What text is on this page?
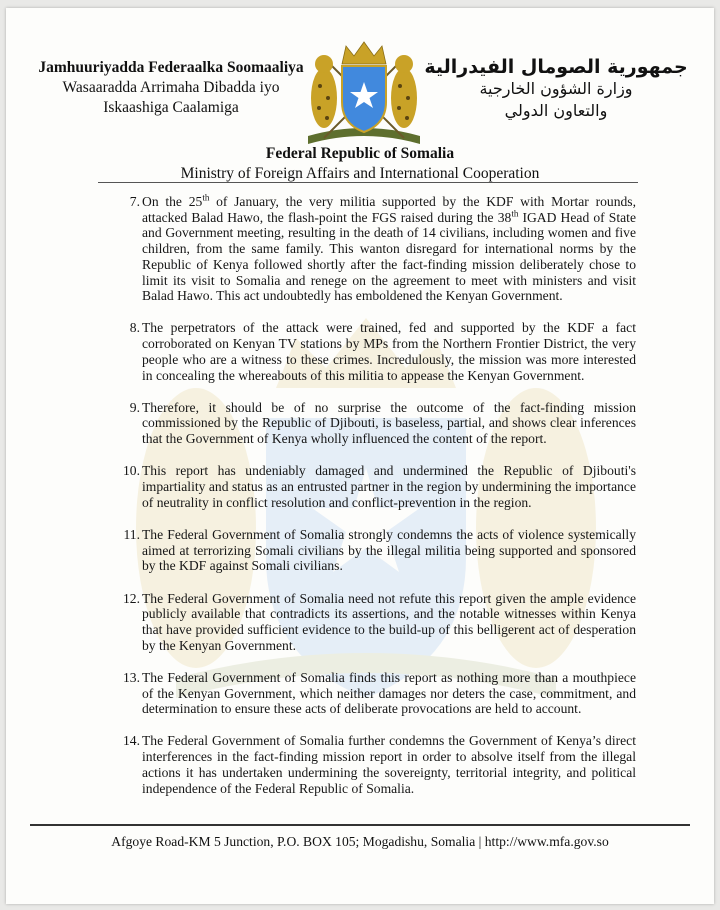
Jamhuuriyadda Federaalka Soomaaliya
Wasaaradda Arrimaha Dibadda iyo
Iskaashiga Caalamiga
جمهورية الصومال الفيدرالية
وزارة الشؤون الخارجية
والتعاون الدولي
Federal Republic of Somalia
Ministry of Foreign Affairs and International Cooperation
7. On the 25th of January, the very militia supported by the KDF with Mortar rounds, attacked Balad Hawo, the flash-point the FGS raised during the 38th IGAD Head of State and Government meeting, resulting in the death of 14 civilians, including women and five children, from the same family. This wanton disregard for international norms by the Republic of Kenya followed shortly after the fact-finding mission deliberately chose to limit its visit to Somalia and renege on the agreement to meet with ministers and visit Balad Hawo. This act undoubtedly has emboldened the Kenyan Government.
8. The perpetrators of the attack were trained, fed and supported by the KDF a fact corroborated on Kenyan TV stations by MPs from the Northern Frontier District, the very people who are a witness to these crimes. Incredulously, the mission was more interested in concealing the whereabouts of this militia to appease the Kenyan Government.
9. Therefore, it should be of no surprise the outcome of the fact-finding mission commissioned by the Republic of Djibouti, is baseless, partial, and shows clear inferences that the Government of Kenya wholly influenced the content of the report.
10. This report has undeniably damaged and undermined the Republic of Djibouti's impartiality and status as an entrusted partner in the region by undermining the importance of neutrality in conflict resolution and conflict-prevention in the region.
11. The Federal Government of Somalia strongly condemns the acts of violence systemically aimed at terrorizing Somali civilians by the illegal militia being supported and sponsored by the KDF against Somali civilians.
12. The Federal Government of Somalia need not refute this report given the ample evidence publicly available that contradicts its assertions, and the notable witnesses within Kenya that have provided sufficient evidence to the build-up of this belligerent act of desperation by the Kenyan Government.
13. The Federal Government of Somalia finds this report as nothing more than a mouthpiece of the Kenyan Government, which neither damages nor deters the case, commitment, and determination to ensure these acts of deliberate provocations are held to account.
14. The Federal Government of Somalia further condemns the Government of Kenya’s direct interferences in the fact-finding mission report in order to absolve itself from the illegal actions it has undertaken undermining the sovereignty, territorial integrity, and political independence of the Federal Republic of Somalia.
Afgoye Road-KM 5 Junction, P.O. BOX 105; Mogadishu, Somalia | http://www.mfa.gov.so
